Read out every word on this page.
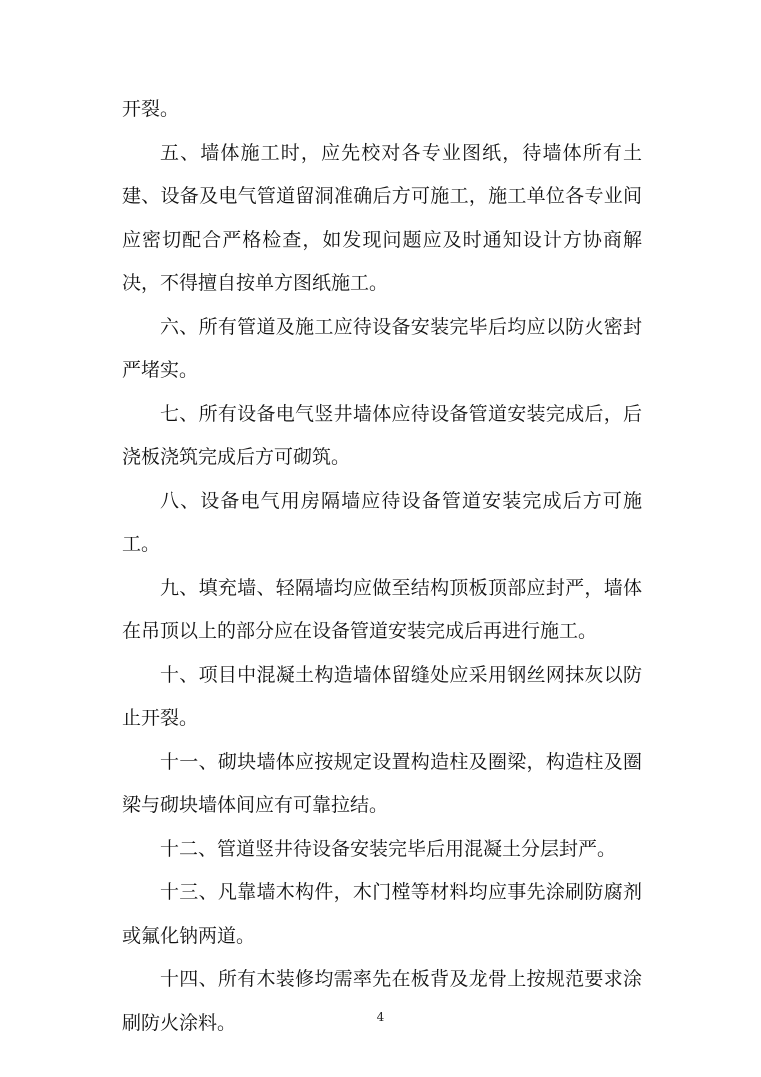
开裂。

五、墙体施工时，应先校对各专业图纸，待墙体所有土建、设备及电气管道留洞准确后方可施工，施工单位各专业间应密切配合严格检查，如发现问题应及时通知设计方协商解决，不得擅自按单方图纸施工。

六、所有管道及施工应待设备安装完毕后均应以防火密封严堵实。

七、所有设备电气竖井墙体应待设备管道安装完成后，后浇板浇筑完成后方可砌筑。

八、设备电气用房隔墙应待设备管道安装完成后方可施工。

九、填充墙、轻隔墙均应做至结构顶板顶部应封严，墙体在吊顶以上的部分应在设备管道安装完成后再进行施工。

十、项目中混凝土构造墙体留缝处应采用钢丝网抹灰以防止开裂。

十一、砌块墙体应按规定设置构造柱及圈梁，构造柱及圈梁与砌块墙体间应有可靠拉结。

十二、管道竖井待设备安装完毕后用混凝土分层封严。

十三、凡靠墙木构件，木门樘等材料均应事先涂刷防腐剂或氟化钠两道。

十四、所有木装修均需率先在板背及龙骨上按规范要求涂刷防火涂料。	4
